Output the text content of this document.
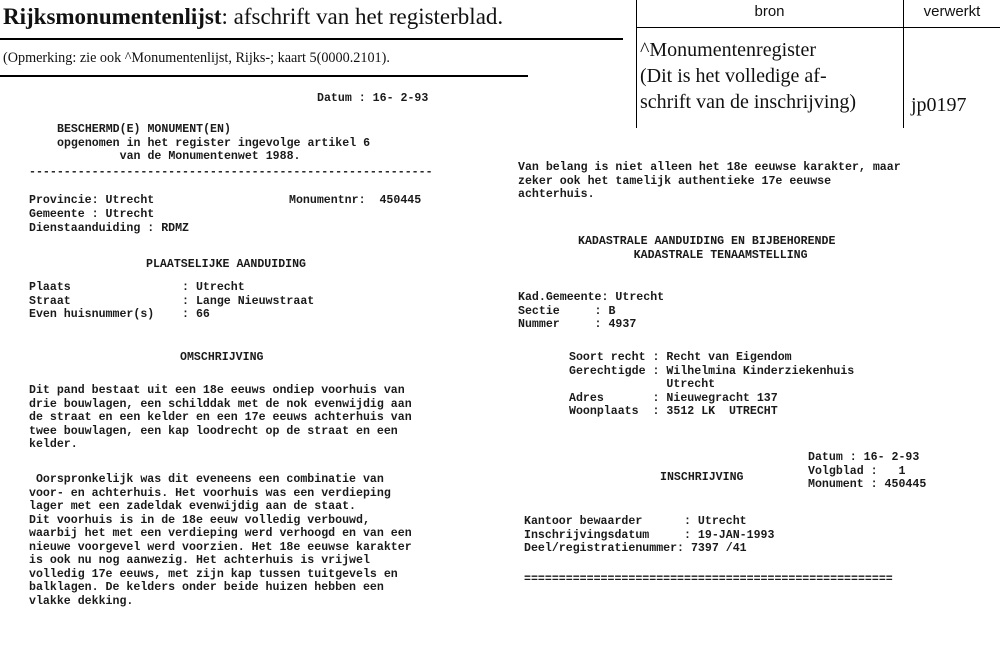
Rijksmonumentenlijst: afschrift van het registerblad.
(Opmerking: zie ook ^Monumentenlijst, Rijks-; kaart 5(0000.2101).
bron	verwerkt
^Monumentenregister
(Dit is het volledige af-
schrift van de inschrijving)	jp0197
Datum : 16- 2-93
BESCHERMD(E) MONUMENT(EN)
opgenomen in het register ingevolge artikel 6
van de Monumentenwet 1988.
----------------------------------------------------------
Provincie: Utrecht	Monumentnr:  450445
Gemeente : Utrecht
Dienstaanduiding : RDMZ
PLAATSELIJKE AANDUIDING
Plaats                : Utrecht
Straat                : Lange Nieuwstraat
Even huisnummer(s)    : 66
OMSCHRIJVING
Dit pand bestaat uit een 18e eeuws ondiep voorhuis van
drie bouwlagen, een schilddak met de nok evenwijdig aan
de straat en een kelder en een 17e eeuws achterhuis van
twee bouwlagen, een kap loodrecht op de straat en een
kelder.
Oorspronkelijk was dit eveneens een combinatie van
voor- en achterhuis. Het voorhuis was een verdieping
lager met een zadeldak evenwijdig aan de staat.
Dit voorhuis is in de 18e eeuw volledig verbouwd,
waarbij het met een verdieping werd verhoogd en van een
nieuwe voorgevel werd voorzien. Het 18e eeuwse karakter
is ook nu nog aanwezig. Het achterhuis is vrijwel
volledig 17e eeuws, met zijn kap tussen tuitgevels en
balklagen. De kelders onder beide huizen hebben een
vlakke dekking.
Van belang is niet alleen het 18e eeuwse karakter, maar
zeker ook het tamelijk authentieke 17e eeuwse
achterhuis.
KADASTRALE AANDUIDING EN BIJBEHORENDE
KADASTRALE TENAAMSTELLING
Kad.Gemeente: Utrecht
Sectie     : B
Nummer     : 4937
Soort recht : Recht van Eigendom
Gerechtigde : Wilhelmina Kinderziekenhuis
Utrecht
Adres       : Nieuwegracht 137
Woonplaats  : 3512 LK  UTRECHT
Datum : 16- 2-93
Volgblad :   1
Monument : 450445
INSCHRIJVING
Kantoor bewaarder      : Utrecht
Inschrijvingsdatum     : 19-JAN-1993
Deel/registratienummer: 7397 /41
=====================================================
